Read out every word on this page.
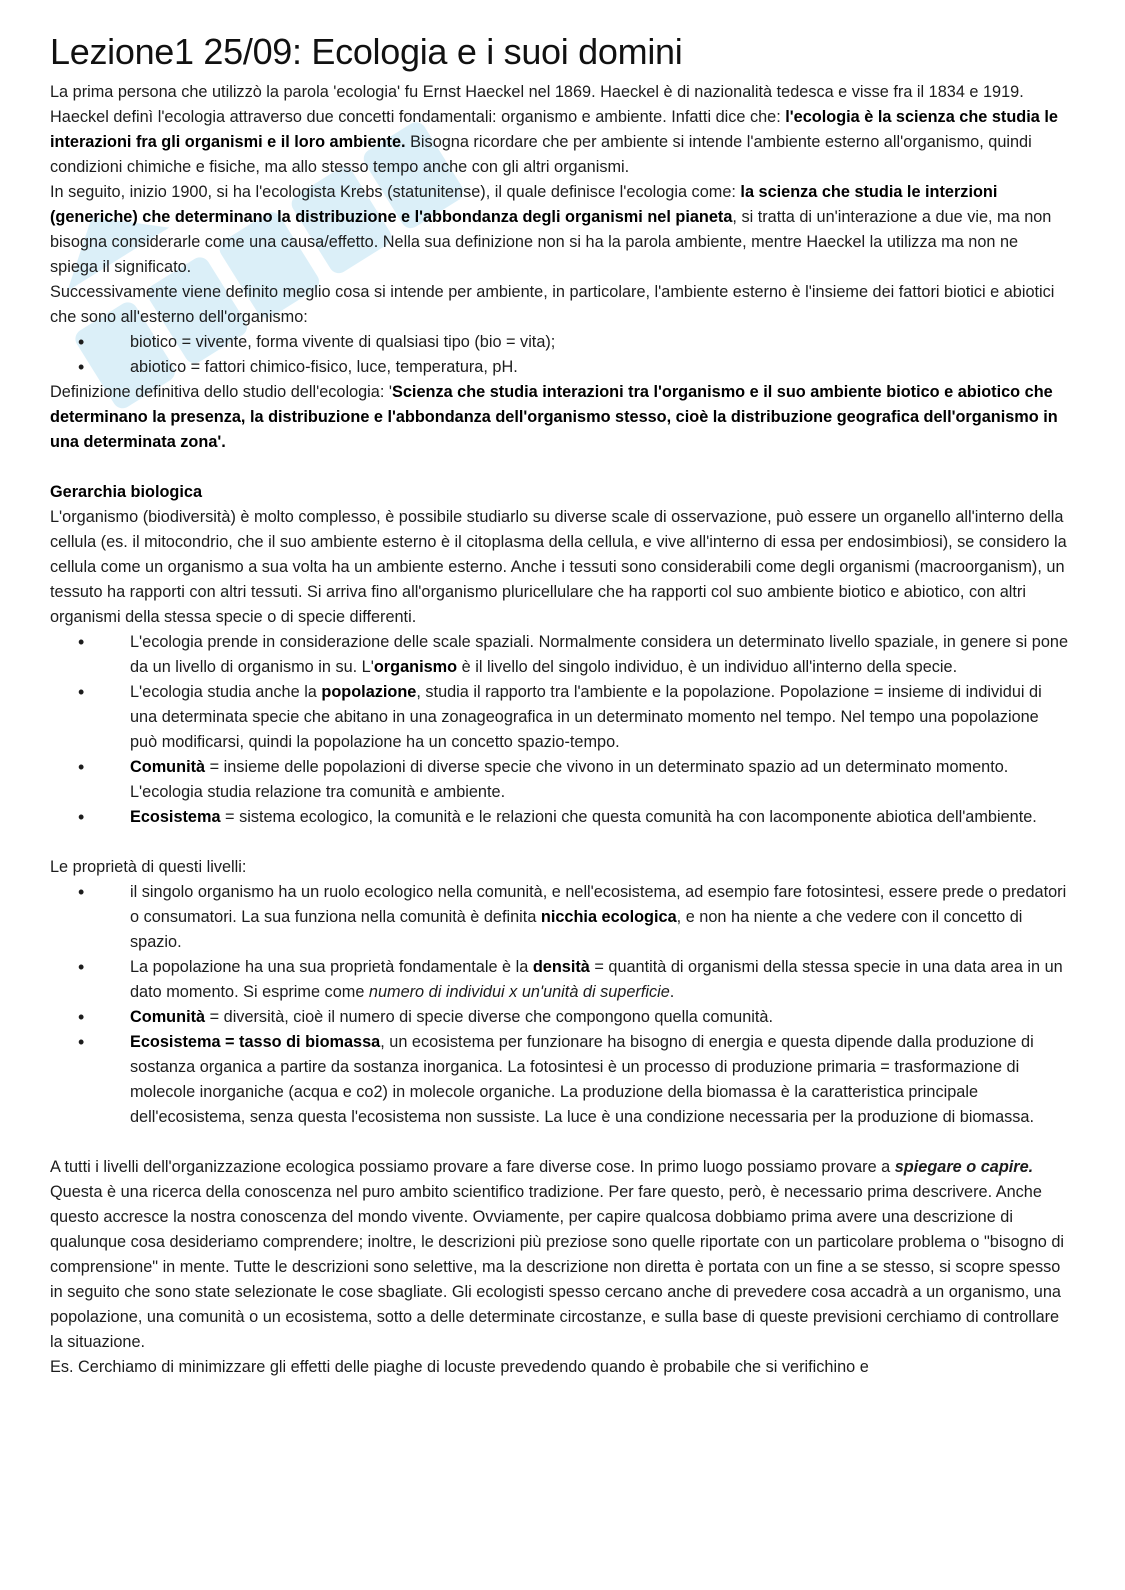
Lezione1 25/09: Ecologia e i suoi domini

La prima persona che utilizzò la parola 'ecologia' fu Ernst Haeckel nel 1869. Haeckel è di nazionalità tedesca e visse fra il 1834 e 1919. Haeckel definì l'ecologia attraverso due concetti fondamentali: organismo e ambiente. Infatti dice che: l'ecologia è la scienza che studia le interazioni fra gli organismi e il loro ambiente. Bisogna ricordare che per ambiente si intende l'ambiente esterno all'organismo, quindi condizioni chimiche e fisiche, ma allo stesso tempo anche con gli altri organismi.

In seguito, inizio 1900, si ha l'ecologista Krebs (statunitense), il quale definisce l'ecologia come: la scienza che studia le interzioni (generiche) che determinano la distribuzione e l'abbondanza degli organismi nel pianeta, si tratta di un'interazione a due vie, ma non bisogna considerarle come una causa/effetto. Nella sua definizione non si ha la parola ambiente, mentre Haeckel la utilizza ma non ne spiega il significato.

Successivamente viene definito meglio cosa si intende per ambiente, in particolare, l'ambiente esterno è l'insieme dei fattori biotici e abiotici che sono all'esterno dell'organismo:

• biotico = vivente, forma vivente di qualsiasi tipo (bio = vita);
• abiotico = fattori chimico-fisico, luce, temperatura, pH.

Definizione definitiva dello studio dell'ecologia: 'Scienza che studia interazioni tra l'organismo e il suo ambiente biotico e abiotico che determinano la presenza, la distribuzione e l'abbondanza dell'organismo stesso, cioè la distribuzione geografica dell'organismo in una determinata zona'.

Gerarchia biologica

L'organismo (biodiversità) è molto complesso, è possibile studiarlo su diverse scale di osservazione, può essere un organello all'interno della cellula (es. il mitocondrio, che il suo ambiente esterno è il citoplasma della cellula, e vive all'interno di essa per endosimbiosi), se considero la cellula come un organismo a sua volta ha un ambiente esterno. Anche i tessuti sono considerabili come degli organismi (macroorganism), un tessuto ha rapporti con altri tessuti. Si arriva fino all'organismo pluricellulare che ha rapporti col suo ambiente biotico e abiotico, con altri organismi della stessa specie o di specie differenti.

• L'ecologia prende in considerazione delle scale spaziali. Normalmente considera un determinato livello spaziale, in genere si pone da un livello di organismo in su. L'organismo è il livello del singolo individuo, è un individuo all'interno della specie.
• L'ecologia studia anche la popolazione, studia il rapporto tra l'ambiente e la popolazione. Popolazione = insieme di individui di una determinata specie che abitano in una zonageografica in un determinato momento nel tempo. Nel tempo una popolazione può modificarsi, quindi la popolazione ha un concetto spazio-tempo.
• Comunità = insieme delle popolazioni di diverse specie che vivono in un determinato spazio ad un determinato momento. L'ecologia studia relazione tra comunità e ambiente.
• Ecosistema = sistema ecologico, la comunità e le relazioni che questa comunità ha con lacomponente abiotica dell'ambiente.

Le proprietà di questi livelli:

• il singolo organismo ha un ruolo ecologico nella comunità, e nell'ecosistema, ad esempio fare fotosintesi, essere prede o predatori o consumatori. La sua funziona nella comunità è definita nicchia ecologica, e non ha niente a che vedere con il concetto di spazio.
• La popolazione ha una sua proprietà fondamentale è la densità = quantità di organismi della stessa specie in una data area in un dato momento. Si esprime come numero di individui x un'unità di superficie.
• Comunità = diversità, cioè il numero di specie diverse che compongono quella comunità.
• Ecosistema = tasso di biomassa, un ecosistema per funzionare ha bisogno di energia e questa dipende dalla produzione di sostanza organica a partire da sostanza inorganica. La fotosintesi è un processo di produzione primaria = trasformazione di molecole inorganiche (acqua e co2) in molecole organiche. La produzione della biomassa è la caratteristica principale dell'ecosistema, senza questa l'ecosistema non sussiste. La luce è una condizione necessaria per la produzione di biomassa.

A tutti i livelli dell'organizzazione ecologica possiamo provare a fare diverse cose. In primo luogo possiamo provare a spiegare o capire. Questa è una ricerca della conoscenza nel puro ambito scientifico tradizione. Per fare questo, però, è necessario prima descrivere. Anche questo accresce la nostra conoscenza del mondo vivente. Ovviamente, per capire qualcosa dobbiamo prima avere una descrizione di qualunque cosa desideriamo comprendere; inoltre, le descrizioni più preziose sono quelle riportate con un particolare problema o "bisogno di comprensione" in mente. Tutte le descrizioni sono selettive, ma la descrizione non diretta è portata con un fine a se stesso, si scopre spesso in seguito che sono state selezionate le cose sbagliate. Gli ecologisti spesso cercano anche di prevedere cosa accadrà a un organismo, una popolazione, una comunità o un ecosistema, sotto a delle determinate circostanze, e sulla base di queste previsioni cerchiamo di controllare la situazione.

Es. Cerchiamo di minimizzare gli effetti delle piaghe di locuste prevedendo quando è probabile che si verifichino e
